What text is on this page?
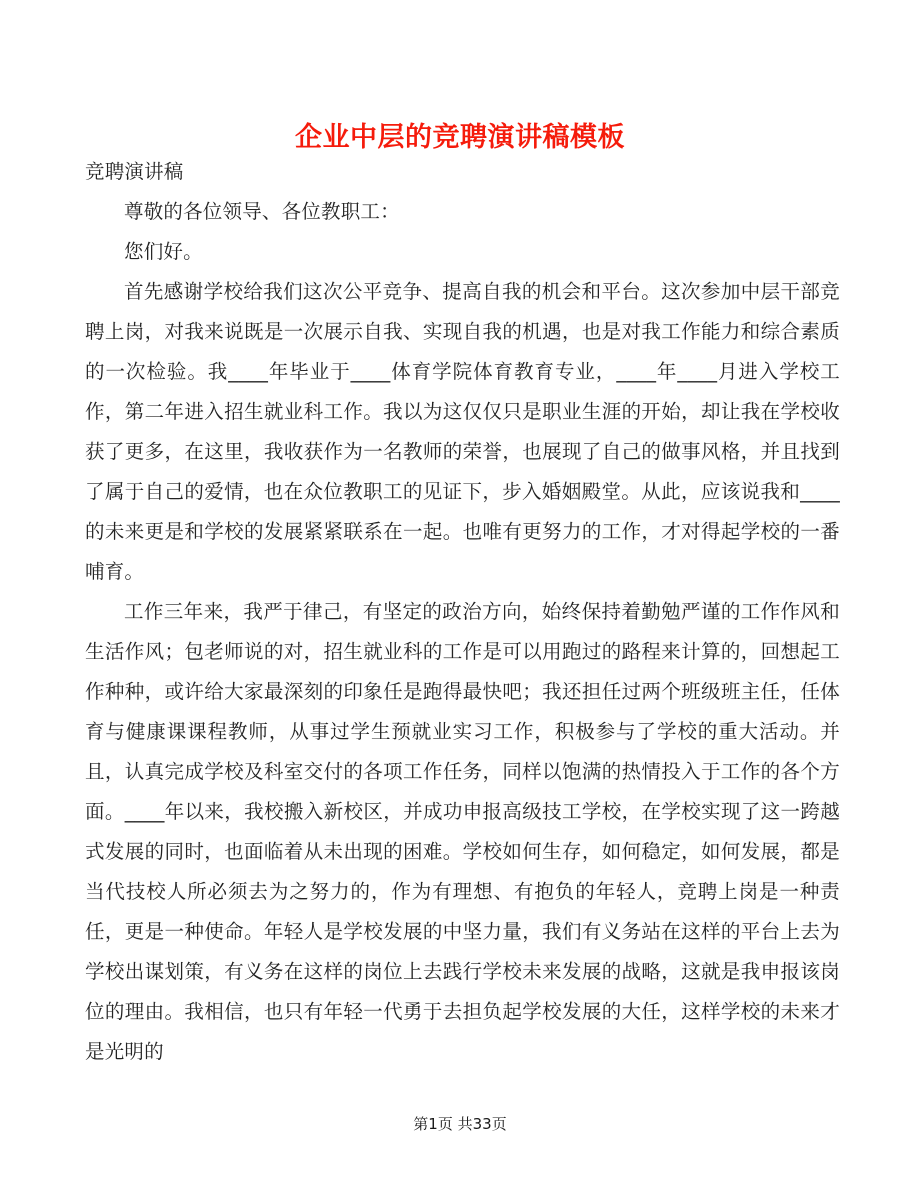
企业中层的竞聘演讲稿模板

竞聘演讲稿

尊敬的各位领导、各位教职工：

您们好。

首先感谢学校给我们这次公平竞争、提高自我的机会和平台。这次参加中层干部竞聘上岗，对我来说既是一次展示自我、实现自我的机遇，也是对我工作能力和综合素质的一次检验。我____年毕业于____体育学院体育教育专业，____年____月进入学校工作，第二年进入招生就业科工作。我以为这仅仅只是职业生涯的开始，却让我在学校收获了更多，在这里，我收获作为一名教师的荣誉，也展现了自己的做事风格，并且找到了属于自己的爱情，也在众位教职工的见证下，步入婚姻殿堂。从此，应该说我和____的未来更是和学校的发展紧紧联系在一起。也唯有更努力的工作，才对得起学校的一番哺育。

工作三年来，我严于律己，有坚定的政治方向，始终保持着勤勉严谨的工作作风和生活作风；包老师说的对，招生就业科的工作是可以用跑过的路程来计算的，回想起工作种种，或许给大家最深刻的印象任是跑得最快吧；我还担任过两个班级班主任，任体育与健康课课程教师，从事过学生预就业实习工作，积极参与了学校的重大活动。并且，认真完成学校及科室交付的各项工作任务，同样以饱满的热情投入于工作的各个方面。____年以来，我校搬入新校区，并成功申报高级技工学校，在学校实现了这一跨越式发展的同时，也面临着从未出现的困难。学校如何生存，如何稳定，如何发展，都是当代技校人所必须去为之努力的，作为有理想、有抱负的年轻人，竞聘上岗是一种责任，更是一种使命。年轻人是学校发展的中坚力量，我们有义务站在这样的平台上去为学校出谋划策，有义务在这样的岗位上去践行学校未来发展的战略，这就是我申报该岗位的理由。我相信，也只有年轻一代勇于去担负起学校发展的大任，这样学校的未来才是光明的

第1页 共33页
